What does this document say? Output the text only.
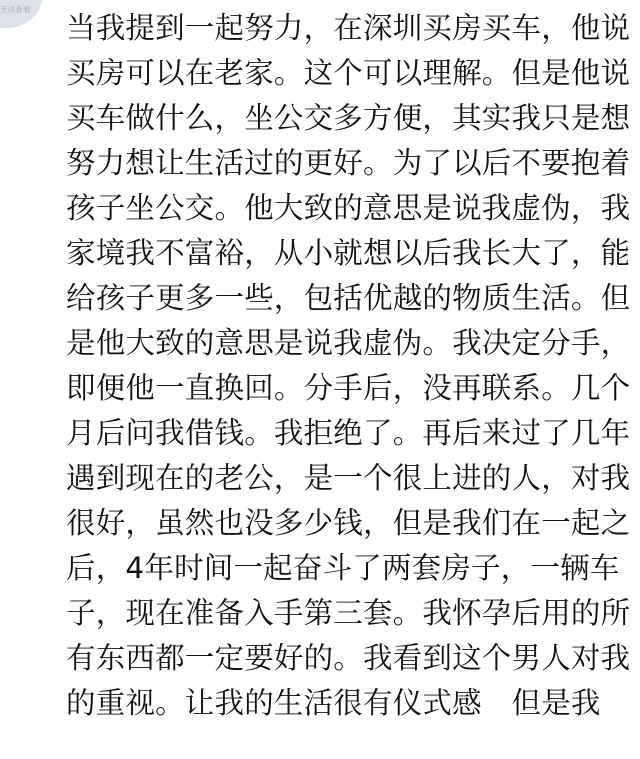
无法查看
当我提到一起努力，在深圳买房买车，他说
买房可以在老家。这个可以理解。但是他说
买车做什么，坐公交多方便，其实我只是想
努力想让生活过的更好。为了以后不要抱着
孩子坐公交。他大致的意思是说我虚伪，我
家境我不富裕，从小就想以后我长大了，能
给孩子更多一些，包括优越的物质生活。但
是他大致的意思是说我虚伪。我决定分手，
即便他一直换回。分手后，没再联系。几个
月后问我借钱。我拒绝了。再后来过了几年
遇到现在的老公，是一个很上进的人，对我
很好，虽然也没多少钱，但是我们在一起之
后，4年时间一起奋斗了两套房子，一辆车
子，现在准备入手第三套。我怀孕后用的所
有东西都一定要好的。我看到这个男人对我
的重视。让我的生活很有仪式感　但是我
